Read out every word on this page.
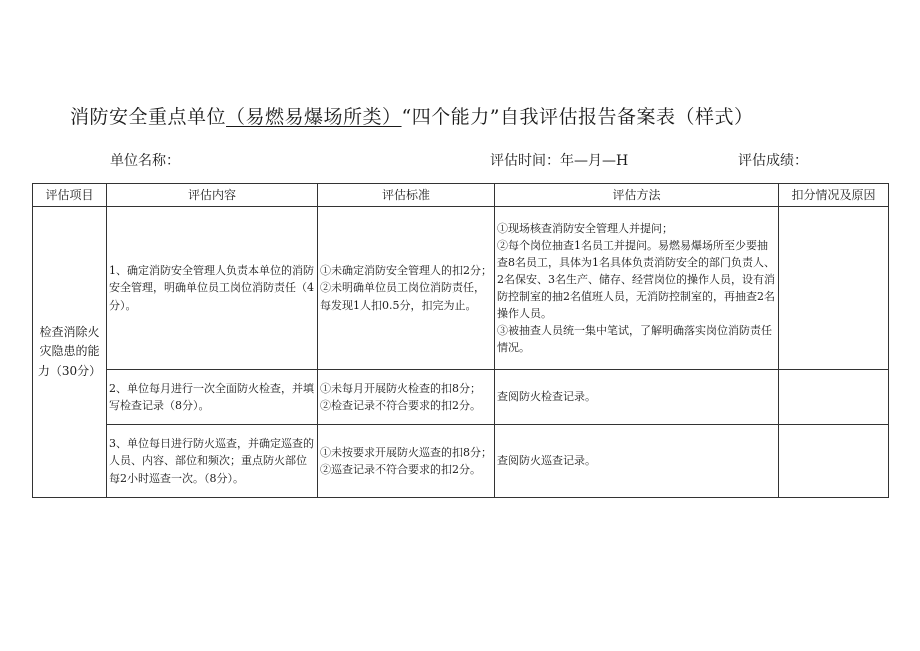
消防安全重点单位（易燃易爆场所类）“四个能力”自我评估报告备案表（样式）
单位名称：	评估时间：年—月—H	评估成绩：
评估项目	评估内容	评估标准	评估方法	扣分情况及原因
检查消除火灾隐患的能力（30分）	1、确定消防安全管理人负责本单位的消防安全管理，明确单位员工岗位消防责任（4分）。	①未确定消防安全管理人的扣2分；
②未明确单位员工岗位消防责任，每发现1人扣0.5分，扣完为止。	①现场核查消防安全管理人并提问；
②每个岗位抽查1名员工并提问。易燃易爆场所至少要抽查8名员工，具体为1名具体负责消防安全的部门负责人、2名保安、3名生产、储存、经营岗位的操作人员，设有消防控制室的抽2名值班人员，无消防控制室的，再抽查2名操作人员。
③被抽查人员统一集中笔试，了解明确落实岗位消防责任情况。	

	2、单位每月进行一次全面防火检查，并填写检查记录（8分）。	①未每月开展防火检查的扣8分；
②检查记录不符合要求的扣2分。	查阅防火检查记录。	

	3、单位每日进行防火巡查，并确定巡查的人员、内容、部位和频次；重点防火部位每2小时巡查一次。（8分）。	①未按要求开展防火巡查的扣8分；
②巡查记录不符合要求的扣2分。	查阅防火巡查记录。	
